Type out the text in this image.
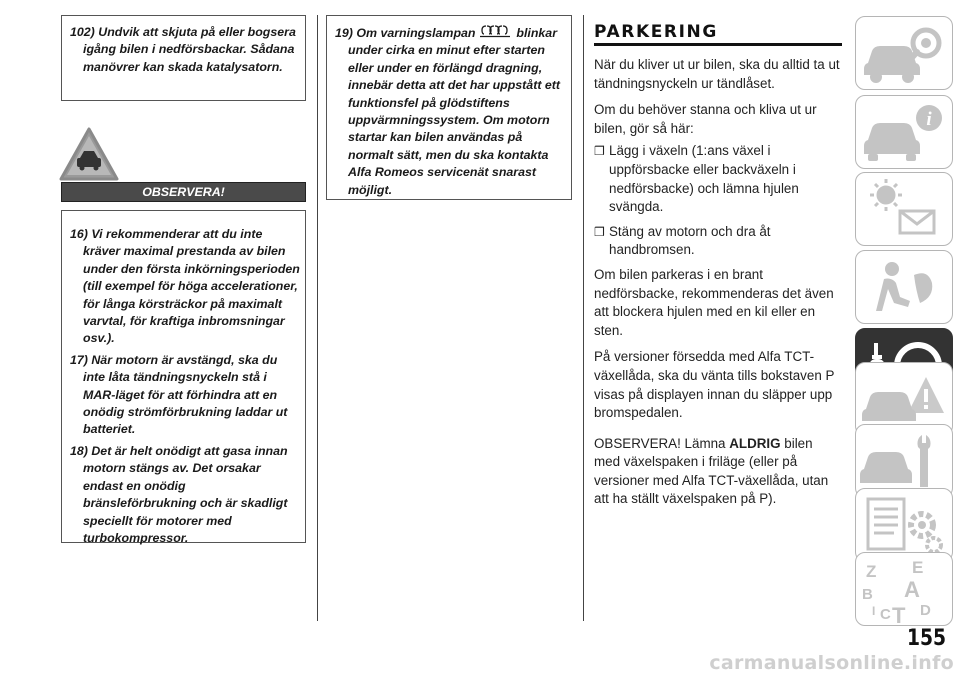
102) Undvik att skjuta på eller bogsera igång bilen i nedförsbackar. Sådana manövrer kan skada katalysatorn.
OBSERVERA!
16) Vi rekommenderar att du inte kräver maximal prestanda av bilen under den första inkörningsperioden (till exempel för höga accelerationer, för långa körsträckor på maximalt varvtal, för kraftiga inbromsningar osv.).
17) När motorn är avstängd, ska du inte låta tändningsnyckeln stå i MAR-läget för att förhindra att en onödig strömförbrukning laddar ut batteriet.
18) Det är helt onödigt att gasa innan motorn stängs av. Det orsakar endast en onödig bränsleförbrukning och är skadligt speciellt för motorer med turbokompressor.
19) Om varningslampan	blinkar under cirka en minut efter starten eller under en förlängd dragning, innebär detta att det har uppstått ett funktionsfel på glödstiftens uppvärmningssystem. Om motorn startar kan bilen användas på normalt sätt, men du ska kontakta Alfa Romeos servicenät snarast möjligt.
PARKERING

När du kliver ut ur bilen, ska du alltid ta ut tändningsnyckeln ur tändlåset.

Om du behöver stanna och kliva ut ur bilen, gör så här:

❒ Lägg i växeln (1:ans växel i uppförsbacke eller backväxeln i nedförsbacke) och lämna hjulen svängda.
❒ Stäng av motorn och dra åt handbromsen.

Om bilen parkeras i en brant nedförsbacke, rekommenderas det även att blockera hjulen med en kil eller en sten.

På versioner försedda med Alfa TCT-växellåda, ska du vänta tills bokstaven P visas på displayen innan du släpper upp bromspedalen.

OBSERVERA! Lämna ALDRIG bilen med växelspaken i friläge (eller på versioner med Alfa TCT-växellåda, utan att ha ställt växelspaken på P).

i
Z E
B A
C T D
I
155
carmanualsonline.info
